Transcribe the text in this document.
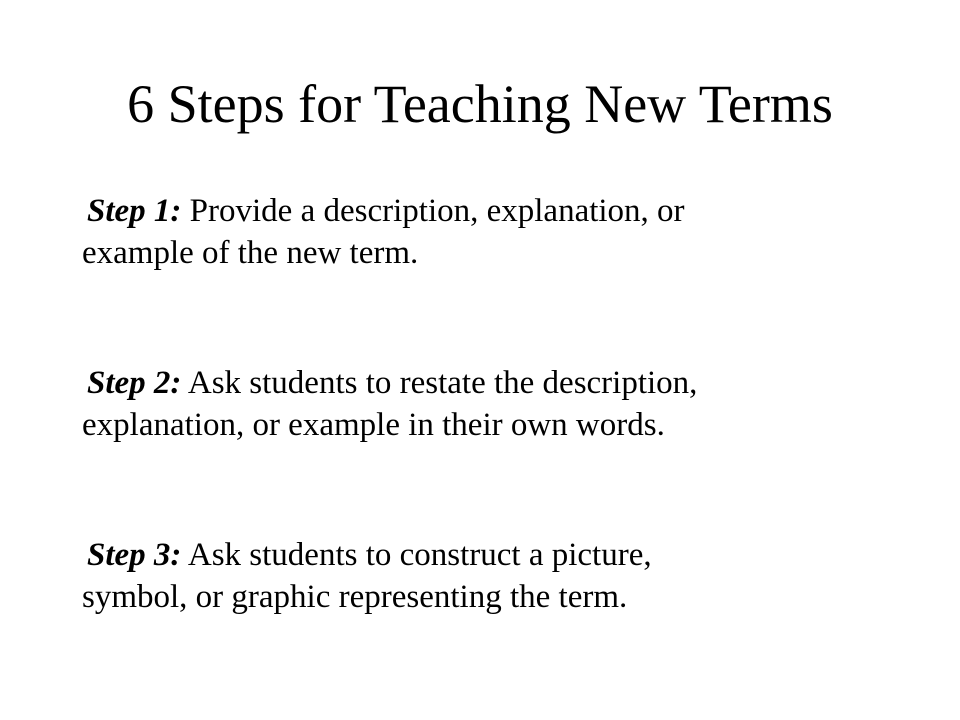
6 Steps for Teaching New Terms
Step 1: Provide a description, explanation, or
example of the new term.
Step 2: Ask students to restate the description,
explanation, or example in their own words.
Step 3: Ask students to construct a picture,
symbol, or graphic representing the term.
